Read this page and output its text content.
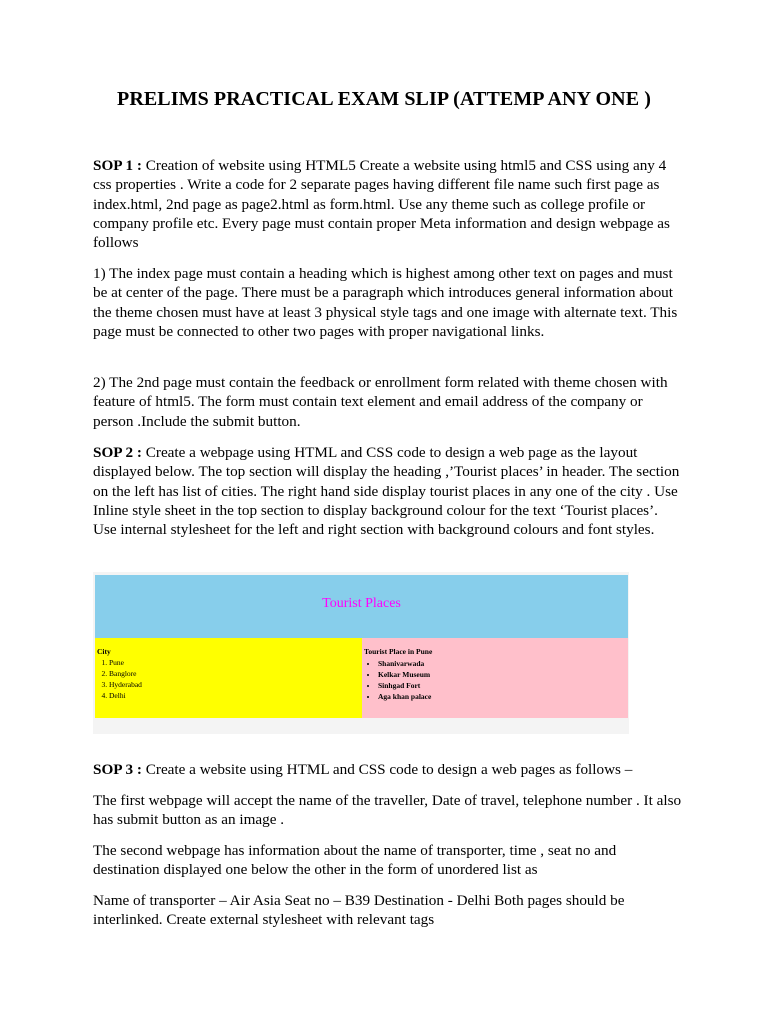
PRELIMS PRACTICAL EXAM SLIP (ATTEMP ANY ONE )

SOP 1 : Creation of website using HTML5 Create a website using html5 and CSS using any 4 css properties . Write a code for 2 separate pages having different file name such first page as index.html, 2nd page as page2.html as form.html. Use any theme such as college profile or company profile etc. Every page must contain proper Meta information and design webpage as follows

1) The index page must contain a heading which is highest among other text on pages and must be at center of the page. There must be a paragraph which introduces general information about the theme chosen must have at least 3 physical style tags and one image with alternate text. This page must be connected to other two pages with proper navigational links.

2) The 2nd page must contain the feedback or enrollment form related with theme chosen with feature of html5. The form must contain text element and email address of the company or person .Include the submit button.

SOP 2 : Create a webpage using HTML and CSS code to design a web page as the layout displayed below. The top section will display the heading ,’Tourist places’ in header. The section on the left has list of cities. The right hand side display tourist places in any one of the city . Use Inline style sheet in the top section to display background colour for the text ‘Tourist places’. Use internal stylesheet for the left and right section with background colours and font styles.

Tourist Places
City
1. Pune
2. Banglore
3. Hyderabad
4. Delhi
Tourist Place in Pune
• Shanivarwada
• Kelkar Museum
• Sinhgad Fort
• Aga khan palace

SOP 3 : Create a website using HTML and CSS code to design a web pages as follows –

The first webpage will accept the name of the traveller, Date of travel, telephone number . It also has submit button as an image .

The second webpage has information about the name of transporter, time , seat no and destination displayed one below the other in the form of unordered list as

Name of transporter – Air Asia Seat no – B39 Destination - Delhi Both pages should be interlinked. Create external stylesheet with relevant tags
